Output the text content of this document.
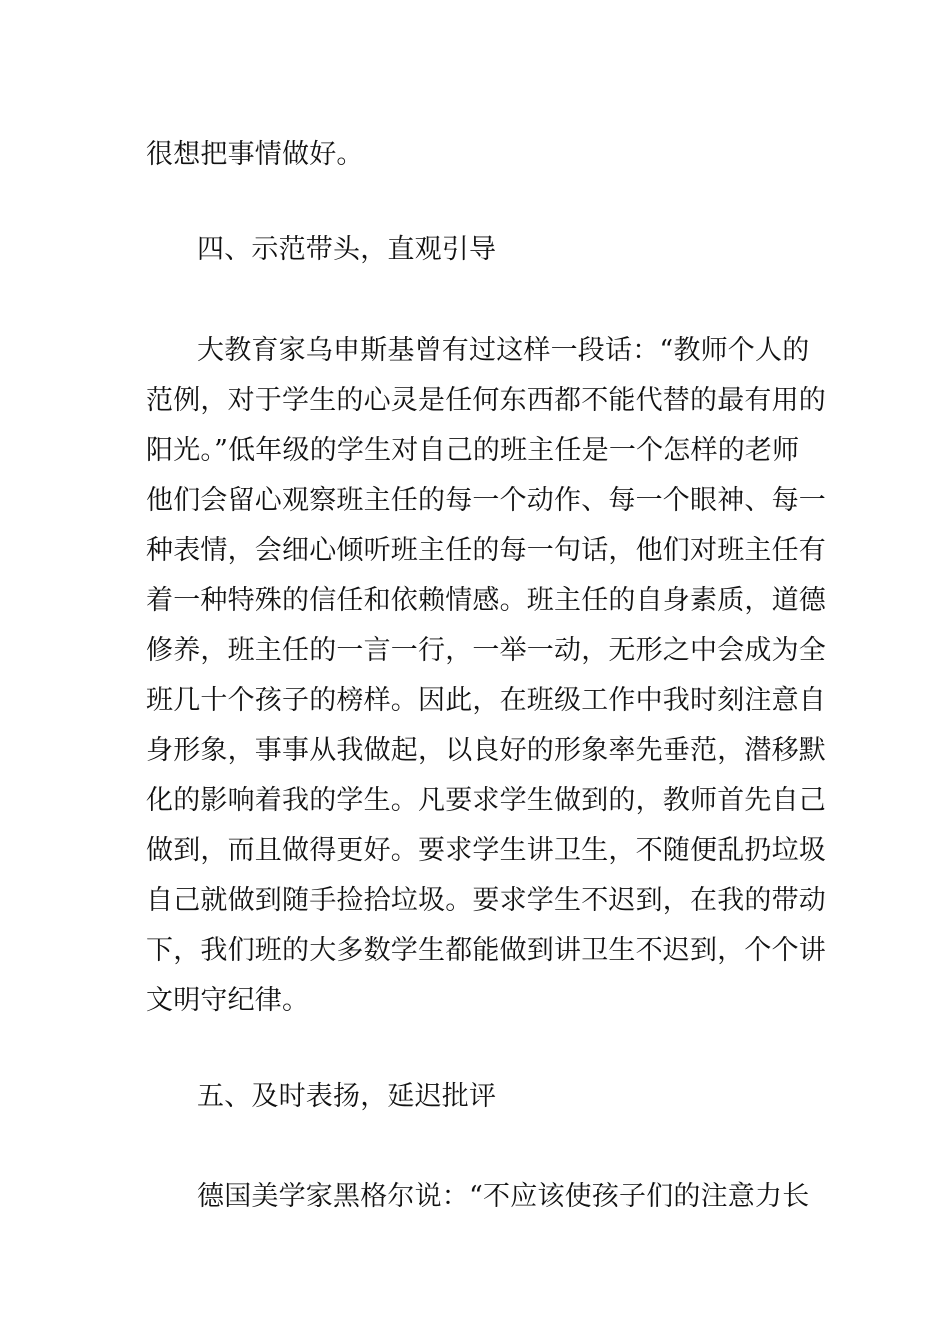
很想把事情做好。
四、示范带头，直观引导
大教育家乌申斯基曾有过这样一段话：“教师个人的
范例，对于学生的心灵是任何东西都不能代替的最有用的
阳光。”低年级的学生对自己的班主任是一个怎样的老师
他们会留心观察班主任的每一个动作、每一个眼神、每一
种表情，会细心倾听班主任的每一句话，他们对班主任有
着一种特殊的信任和依赖情感。班主任的自身素质，道德
修养，班主任的一言一行，一举一动，无形之中会成为全
班几十个孩子的榜样。因此，在班级工作中我时刻注意自
身形象，事事从我做起，以良好的形象率先垂范，潜移默
化的影响着我的学生。凡要求学生做到的，教师首先自己
做到，而且做得更好。要求学生讲卫生，不随便乱扔垃圾
自己就做到随手捡拾垃圾。要求学生不迟到，在我的带动
下，我们班的大多数学生都能做到讲卫生不迟到，个个讲
文明守纪律。
五、及时表扬，延迟批评
德国美学家黑格尔说：“不应该使孩子们的注意力长
